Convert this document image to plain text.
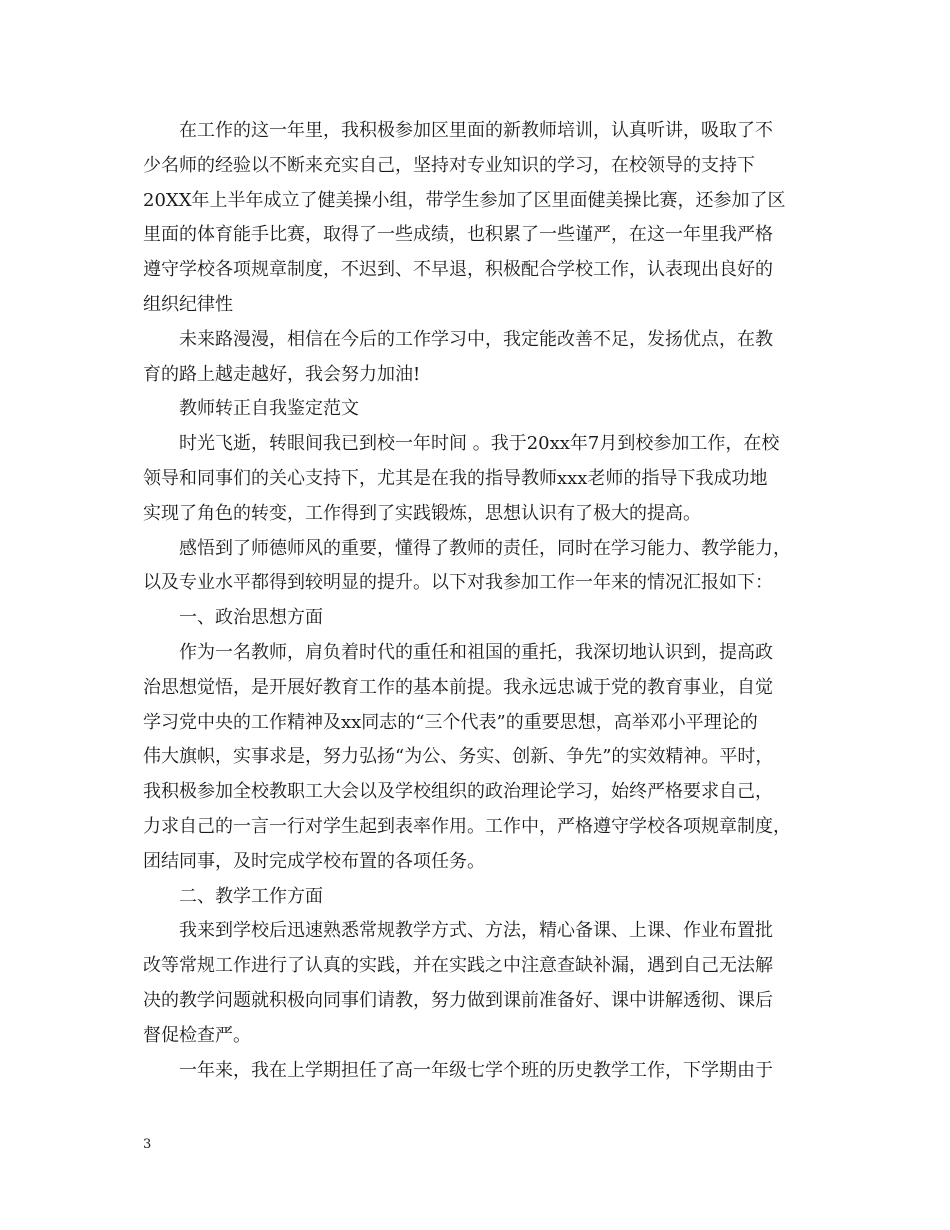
在工作的这一年里，我积极参加区里面的新教师培训，认真听讲，吸取了不
少名师的经验以不断来充实自己，坚持对专业知识的学习，在校领导的支持下
20XX年上半年成立了健美操小组，带学生参加了区里面健美操比赛，还参加了区
里面的体育能手比赛，取得了一些成绩，也积累了一些谨严，在这一年里我严格
遵守学校各项规章制度，不迟到、不早退，积极配合学校工作，认表现出良好的
组织纪律性
未来路漫漫，相信在今后的工作学习中，我定能改善不足，发扬优点，在教
育的路上越走越好，我会努力加油!
教师转正自我鉴定范文
时光飞逝，转眼间我已到校一年时间 。我于20xx年7月到校参加工作，在校
领导和同事们的关心支持下，尤其是在我的指导教师xxx老师的指导下我成功地
实现了角色的转变，工作得到了实践锻炼，思想认识有了极大的提高。
感悟到了师德师风的重要，懂得了教师的责任，同时在学习能力、教学能力，
以及专业水平都得到较明显的提升。以下对我参加工作一年来的情况汇报如下：
一、政治思想方面
作为一名教师，肩负着时代的重任和祖国的重托，我深切地认识到，提高政
治思想觉悟，是开展好教育工作的基本前提。我永远忠诚于党的教育事业，自觉
学习党中央的工作精神及xx同志的“三个代表”的重要思想，高举邓小平理论的
伟大旗帜，实事求是，努力弘扬“为公、务实、创新、争先”的实效精神。平时，
我积极参加全校教职工大会以及学校组织的政治理论学习，始终严格要求自己，
力求自己的一言一行对学生起到表率作用。工作中，严格遵守学校各项规章制度，
团结同事，及时完成学校布置的各项任务。
二、教学工作方面
我来到学校后迅速熟悉常规教学方式、方法，精心备课、上课、作业布置批
改等常规工作进行了认真的实践，并在实践之中注意查缺补漏，遇到自己无法解
决的教学问题就积极向同事们请教，努力做到课前准备好、课中讲解透彻、课后
督促检查严。
一年来，我在上学期担任了高一年级七学个班的历史教学工作，下学期由于
3
